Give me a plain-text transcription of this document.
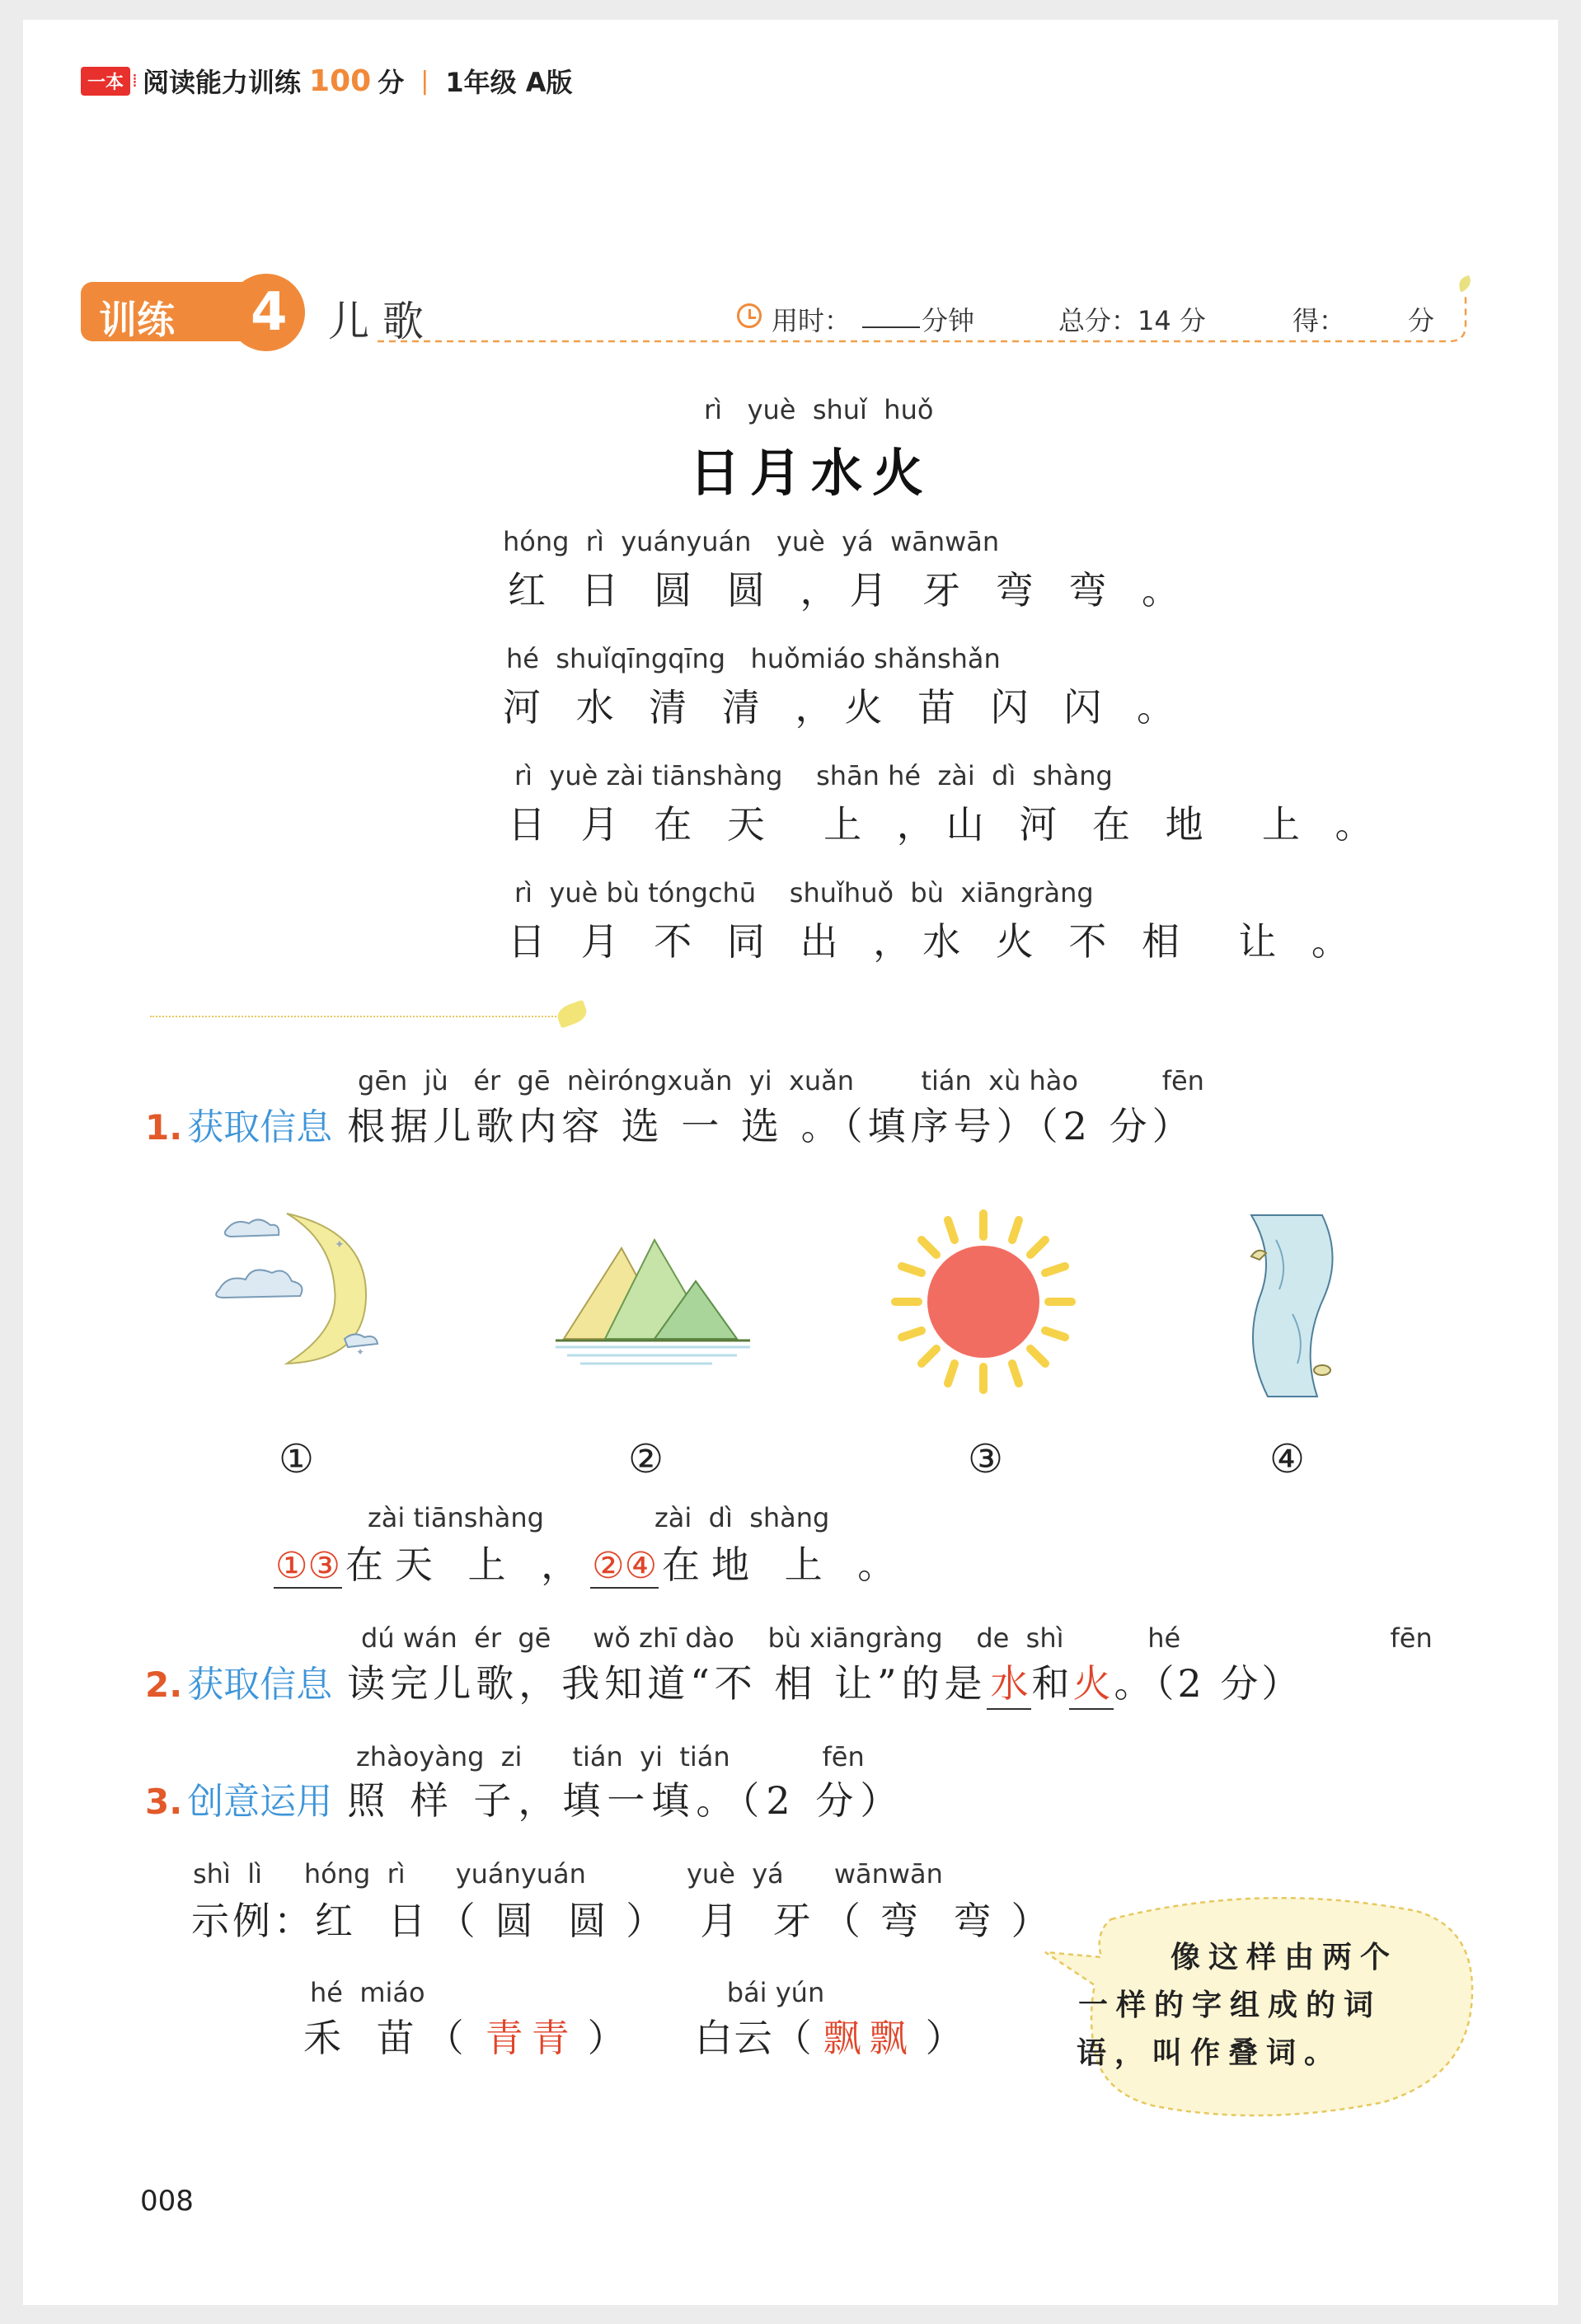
一本 ⁞ 阅读能力训练 100 分 | 1年级 A版
训练 4 儿 歌	用时：	分钟	总分：14 分	得： 分
rì   yuè  shuǐ  huǒ
日月水火
hóng  rì  yuányuán   yuè  yá  wānwān
红 日 圆 圆 ，月 牙 弯 弯 。
hé  shuǐqīngqīng   huǒmiáo shǎnshǎn
河 水 清 清 ，火 苗 闪 闪 。
rì  yuè zài tiānshàng    shān hé  zài  dì  shàng
日 月 在 天  上 ，山 河 在 地  上 。
rì  yuè bù tóngchū    shuǐhuǒ  bù  xiāngràng
日 月 不 同 出 ，水 火 不 相  让 。
gēn  jù   ér  gē  nèiróngxuǎn  yi  xuǎn        tián  xù hào          fēn
1. 获取信息 根据儿歌内容 选 一 选 。（填序号）（2 分）
✦
✦
①	②	③	④
zài tiānshàng	zài  dì  shàng
①③ 在天 上 ， ②④ 在地 上 。
dú wán  ér  gē     wǒ zhī dào    bù xiāngràng    de  shì          hé                         fēn
2. 获取信息 读完儿歌，我知道“不 相 让”的是 水 和 火 。（2 分）
zhàoyàng  zi      tián  yi  tián           fēn
3. 创意运用 照 样 子，填一填。（2 分）
shì  lì     hóng  rì      yuányuán            yuè  yá      wānwān
示例： 红 日（ 圆 圆 ） 月 牙（ 弯 弯 ）
hé  miáo                                    bái yún
禾 苗（ 青青 ） 白云（ 飘飘 ）
像这样由两个
一样的字组成的词
语，叫作叠词。
008
